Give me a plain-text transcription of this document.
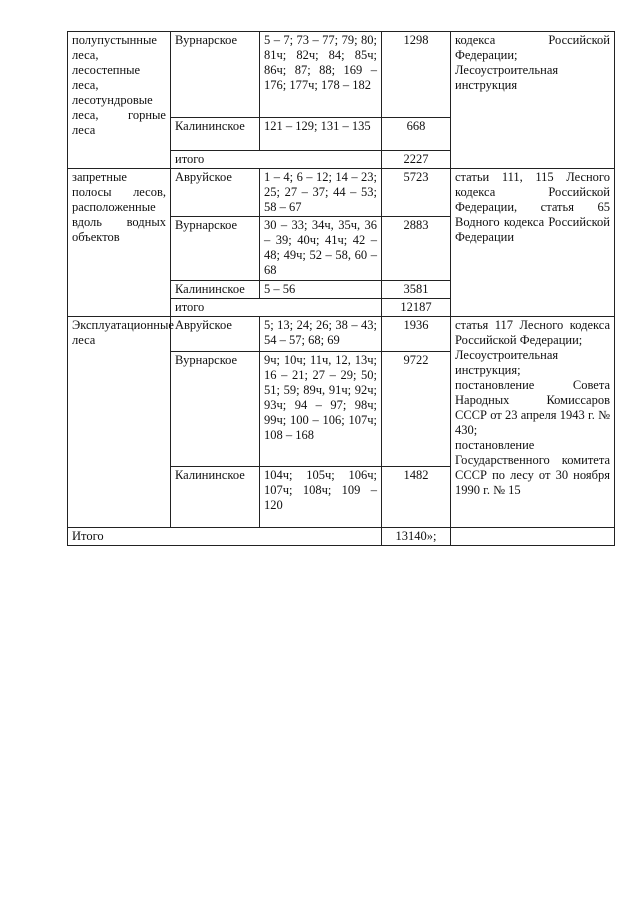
полупустынные леса, лесостепные леса, лесотундровые леса, горные леса	Вурнарское	5 – 7; 73 – 77; 79; 80; 81ч; 82ч; 84; 85ч; 86ч; 87; 88; 169 – 176; 177ч; 178 – 182	1298	кодекса Российской Федерации;
Лесоустроительная инструкция
	Калининское	121 – 129; 131 – 135	668	
	итого		2227	
запретные полосы лесов, расположенные вдоль водных объектов	Авруйское	1 – 4; 6 – 12; 14 – 23; 25; 27 – 37; 44 – 53; 58 – 67	5723	статьи 111, 115 Лесного кодекса Российской Федерации, статья 65 Водного кодекса Российской Федерации
	Вурнарское	30 – 33; 34ч, 35ч, 36 – 39; 40ч; 41ч; 42 – 48; 49ч; 52 – 58, 60 – 68	2883	
	Калининское	5 – 56	3581	
	итого		12187	
Эксплуатационные леса	Авруйское	5; 13; 24; 26; 38 – 43; 54 – 57; 68; 69	1936	статья 117 Лесного кодекса Российской Федерации;
Лесоустроительная инструкция;
постановление Совета Народных Комиссаров СССР от 23 апреля 1943 г. № 430;
постановление Государственного комитета СССР по лесу от 30 ноября 1990 г. № 15
	Вурнарское	9ч; 10ч; 11ч, 12, 13ч; 16 – 21; 27 – 29; 50; 51; 59; 89ч, 91ч; 92ч; 93ч; 94 – 97; 98ч; 99ч; 100 – 106; 107ч; 108 – 168	9722	
	Калининское	104ч; 105ч; 106ч; 107ч; 108ч; 109 – 120	1482	
Итого			13140»;	
